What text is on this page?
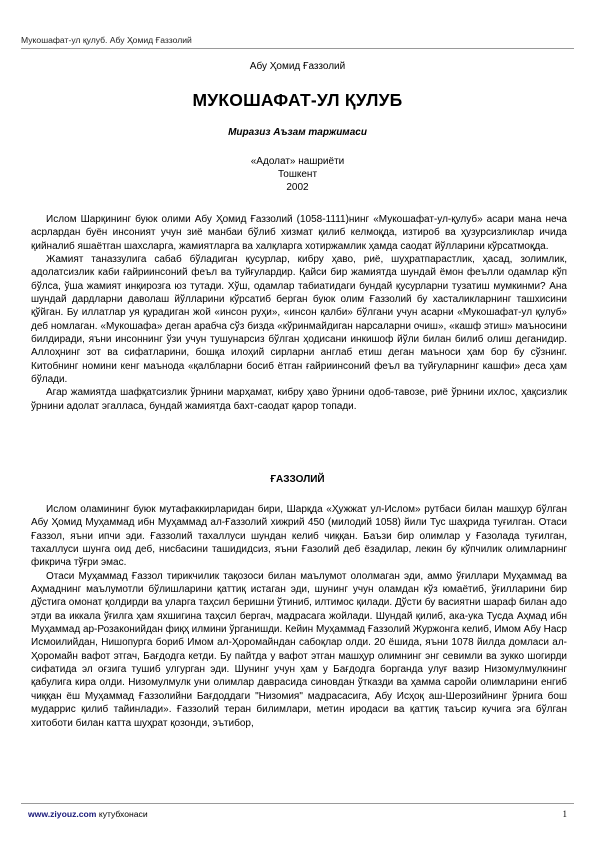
Мукошафат-ул қулуб. Абу Ҳомид Ғаззолий
Абу Ҳомид Ғаззолий
МУКОШАФАТ-УЛ ҚУЛУБ
Миразиз Аъзам таржимаси
«Адолат» нашриёти
Тошкент
2002

Ислом Шарқининг буюк олими Абу Ҳомид Ғаззолий (1058-1111)нинг «Мукошафат-ул-қулуб» асари мана неча асрлардан буён инсоният учун зиё манбаи бўлиб хизмат қилиб келмоқда, изтироб ва ҳузурсизликлар ичида қийналиб яшаётган шахсларга, жамиятларга ва халқларга хотиржамлик ҳамда саодат йўлларини кўрсатмоқда.

Жамият таназзулига сабаб бўладиган қусурлар, кибру ҳаво, риё, шуҳратпарастлик, ҳасад, золимлик, адолатсизлик каби ғайриинсоний феъл ва туйғулардир. Қайси бир жамиятда шундай ёмон феълли одамлар кўп бўлса, ўша жамият инқирозга юз тутади. Хўш, одамлар табиатидаги бундай қусурларни тузатиш мумкинми? Ана шундай дардларни даволаш йўлларини кўрсатиб берган буюк олим Ғаззолий бу хасталикларнинг ташхисини қўйган. Бу иллатлар уя қурадиган жой «инсон руҳи», «инсон қалби» бўлгани учун асарни «Мукошафат-ул қулуб» деб номлаган. «Мукошафа» деган арабча сўз бизда «кўринмайдиган нарсаларни очиш», «кашф этиш» маъносини билдиради, яъни инсоннинг ўзи учун тушунарсиз бўлган ҳодисани инкишоф йўли билан билиб олиш деганидир. Аллоҳнинг зот ва сифатларини, бошқа илоҳий сирларни англаб етиш деган маъноси ҳам бор бу сўзнинг. Китобнинг номини кенг маънода «қалбларни босиб ётган ғайриинсоний феъл ва туйғуларнинг кашфи» деса ҳам бўлади.

Агар жамиятда шафқатсизлик ўрнини марҳамат, кибру ҳаво ўрнини одоб-тавозе, риё ўрнини ихлос, ҳақсизлик ўрнини адолат эгаллаcа, бундай жамиятда бахт-саодат қарор топади.

ҒАЗЗОЛИЙ

Ислом оламининг буюк мутафаккирларидан бири, Шарқда «Ҳужжат ул-Ислом» рутбаси билан машҳур бўлган Абу Ҳомид Муҳаммад ибн Муҳаммад ал-Ғаззолий хижрий 450 (милодий 1058) йили Тус шаҳрида туғилган. Отаси Ғаззол, яъни ипчи эди. Ғаззолий тахаллуси шундан келиб чиққан. Баъзи бир олимлар у Ғазолада туғилган, тахаллуси шунга оид деб, нисбасини ташидидсиз, яъни Ғазолий деб ёзадилар, лекин бу кўпчилик олимларнинг фикрича тўғри эмас.

Отаси Муҳаммад Ғаззол тирикчилик тақозоси билан маълумот ололмаган эди, аммо ўғиллари Муҳаммад ва Аҳмаднинг маълумотли бўлишларини қаттиқ истаган эди, шунинг учун оламдан кўз юмаётиб, ўғилларини бир дўстига омонат қолдирди ва уларга таҳсил беришни ўтиниб, илтимос қилади. Дўсти бу васиятни шараф билан адо этди ва иккала ўғилга ҳам яхшигина таҳсил бергач, мадрасага жойлади. Шундай қилиб, ака-ука Тусда Аҳмад ибн Муҳаммад ар-Розаконийдан фиқҳ илмини ўрганишди. Кейин Муҳаммад Ғаззолий Журжонга келиб, Имом Абу Наср Исмоилийдан, Нишопурга бориб Имом ал-Ҳоромайндан сабоқлар олди. 20 ёшида, яъни 1078 йилда домласи ал-Ҳоромайн вафот этгач, Бағдодга кетди. Бу пайтда у вафот этган машҳур олимнинг энг севимли ва зукко шогирди сифатида эл оғзига тушиб улгурган эди. Шунинг учун ҳам у Бағдодга борганда улуғ вазир Низомулмулкнинг қабулига кира олди. Низомулмулк уни олимлар даврасида синовдан ўтказди ва ҳамма саройи олимларини енгиб чиққан ёш Муҳаммад Ғаззолийни Бағдоддаги "Низомия" мадрасасига, Абу Исҳоқ аш-Шерозийнинг ўрнига бош мударрис қилиб тайинлади». Ғаззолий теран билимлари, метин иродаси ва қаттиқ таъсир кучига эга бўлган хитоботи билан катта шуҳрат қозонди, эътибор,

www.ziyouz.com кутубхонаси	1
